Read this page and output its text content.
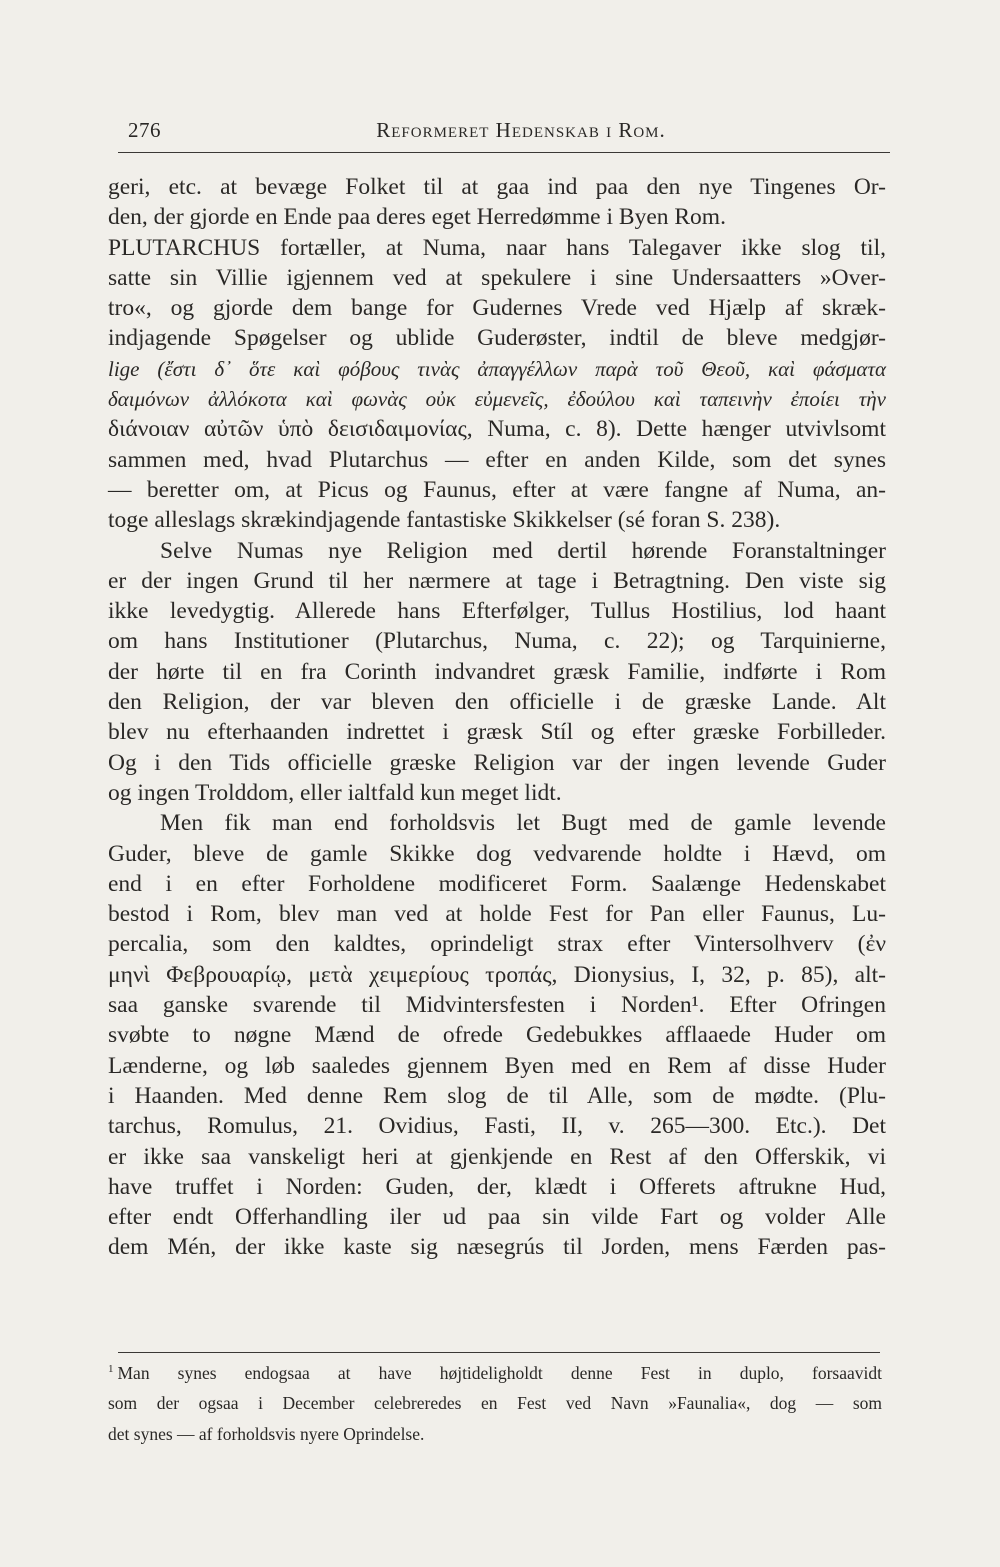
276	Reformeret Hedenskab i Rom.
geri, etc. at bevæge Folket til at gaa ind paa den nye Tingenes Or-
den, der gjorde en Ende paa deres eget Herredømme i Byen Rom.
PLUTARCHUS fortæller, at Numa, naar hans Talegaver ikke slog til,
satte sin Villie igjennem ved at spekulere i sine Undersaatters »Over-
tro«, og gjorde dem bange for Gudernes Vrede ved Hjælp af skræk-
indjagende Spøgelser og ublide Guderøster, indtil de bleve medgjør-
lige (ἔστι δ᾽ ὅτε καὶ φόβους τινὰς ἀπαγγέλλων παρὰ τοῦ Θεοῦ, καὶ φάσματα
δαιμόνων ἀλλόκοτα καὶ φωνὰς οὐκ εὐμενεῖς, ἐδούλου καὶ ταπεινὴν ἐποίει τὴν
διάνοιαν αὐτῶν ὑπὸ δεισιδαιμονίας, Numa, c. 8). Dette hænger utvivlsomt
sammen med, hvad Plutarchus — efter en anden Kilde, som det synes
— beretter om, at Picus og Faunus, efter at være fangne af Numa, an-
toge alleslags skrækindjagende fantastiske Skikkelser (sé foran S. 238).
Selve Numas nye Religion med dertil hørende Foranstaltninger
er der ingen Grund til her nærmere at tage i Betragtning. Den viste sig
ikke levedygtig. Allerede hans Efterfølger, Tullus Hostilius, lod haant
om hans Institutioner (Plutarchus, Numa, c. 22); og Tarquinierne,
der hørte til en fra Corinth indvandret græsk Familie, indførte i Rom
den Religion, der var bleven den officielle i de græske Lande. Alt
blev nu efterhaanden indrettet i græsk Stíl og efter græske Forbilleder.
Og i den Tids officielle græske Religion var der ingen levende Guder
og ingen Trolddom, eller ialtfald kun meget lidt.
Men fik man end forholdsvis let Bugt med de gamle levende
Guder, bleve de gamle Skikke dog vedvarende holdte i Hævd, om
end i en efter Forholdene modificeret Form. Saalænge Hedenskabet
bestod i Rom, blev man ved at holde Fest for Pan eller Faunus, Lu-
percalia, som den kaldtes, oprindeligt strax efter Vintersolhverv (ἐν
μηνὶ Φεβρουαρίῳ, μετὰ χειμερίους τροπάς, Dionysius, I, 32, p. 85), alt-
saa ganske svarende til Midvintersfesten i Norden¹. Efter Ofringen
svøbte to nøgne Mænd de ofrede Gedebukkes afflaaede Huder om
Lænderne, og løb saaledes gjennem Byen med en Rem af disse Huder
i Haanden. Med denne Rem slog de til Alle, som de mødte. (Plu-
tarchus, Romulus, 21. Ovidius, Fasti, II, v. 265—300. Etc.). Det
er ikke saa vanskeligt heri at gjenkjende en Rest af den Offerskik, vi
have truffet i Norden: Guden, der, klædt i Offerets aftrukne Hud,
efter endt Offerhandling iler ud paa sin vilde Fart og volder Alle
dem Mén, der ikke kaste sig næsegrús til Jorden, mens Færden pas-
$^1$ Man synes endogsaa at have højtideligholdt denne Fest in duplo, forsaavidt
som der ogsaa i December celebreredes en Fest ved Navn »Faunalia«, dog — som
det synes — af forholdsvis nyere Oprindelse.
